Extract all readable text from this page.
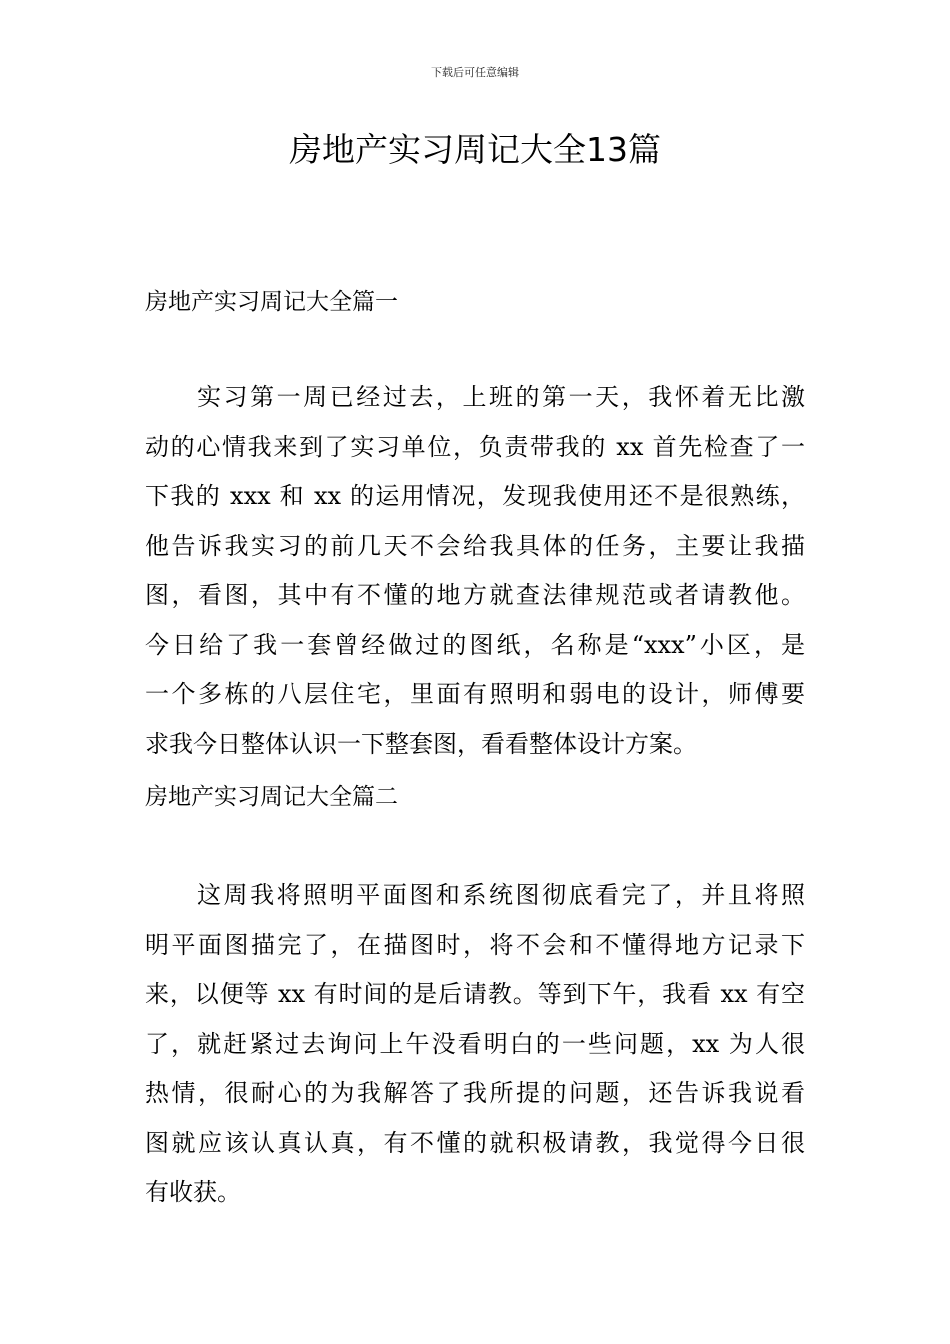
下载后可任意编辑
房地产实习周记大全13篇
房地产实习周记大全篇一
实习第一周已经过去，上班的第一天，我怀着无比激
动的心情我来到了实习单位，负责带我的 xx 首先检查了一
下我的 xxx 和 xx 的运用情况，发现我使用还不是很熟练，
他告诉我实习的前几天不会给我具体的任务，主要让我描
图，看图，其中有不懂的地方就查法律规范或者请教他。
今日给了我一套曾经做过的图纸，名称是“xxx”小区，是
一个多栋的八层住宅，里面有照明和弱电的设计，师傅要
求我今日整体认识一下整套图，看看整体设计方案。
房地产实习周记大全篇二
这周我将照明平面图和系统图彻底看完了，并且将照
明平面图描完了，在描图时，将不会和不懂得地方记录下
来，以便等 xx 有时间的是后请教。等到下午，我看 xx 有空
了，就赶紧过去询问上午没看明白的一些问题，xx 为人很
热情，很耐心的为我解答了我所提的问题，还告诉我说看
图就应该认真认真，有不懂的就积极请教，我觉得今日很
有收获。
